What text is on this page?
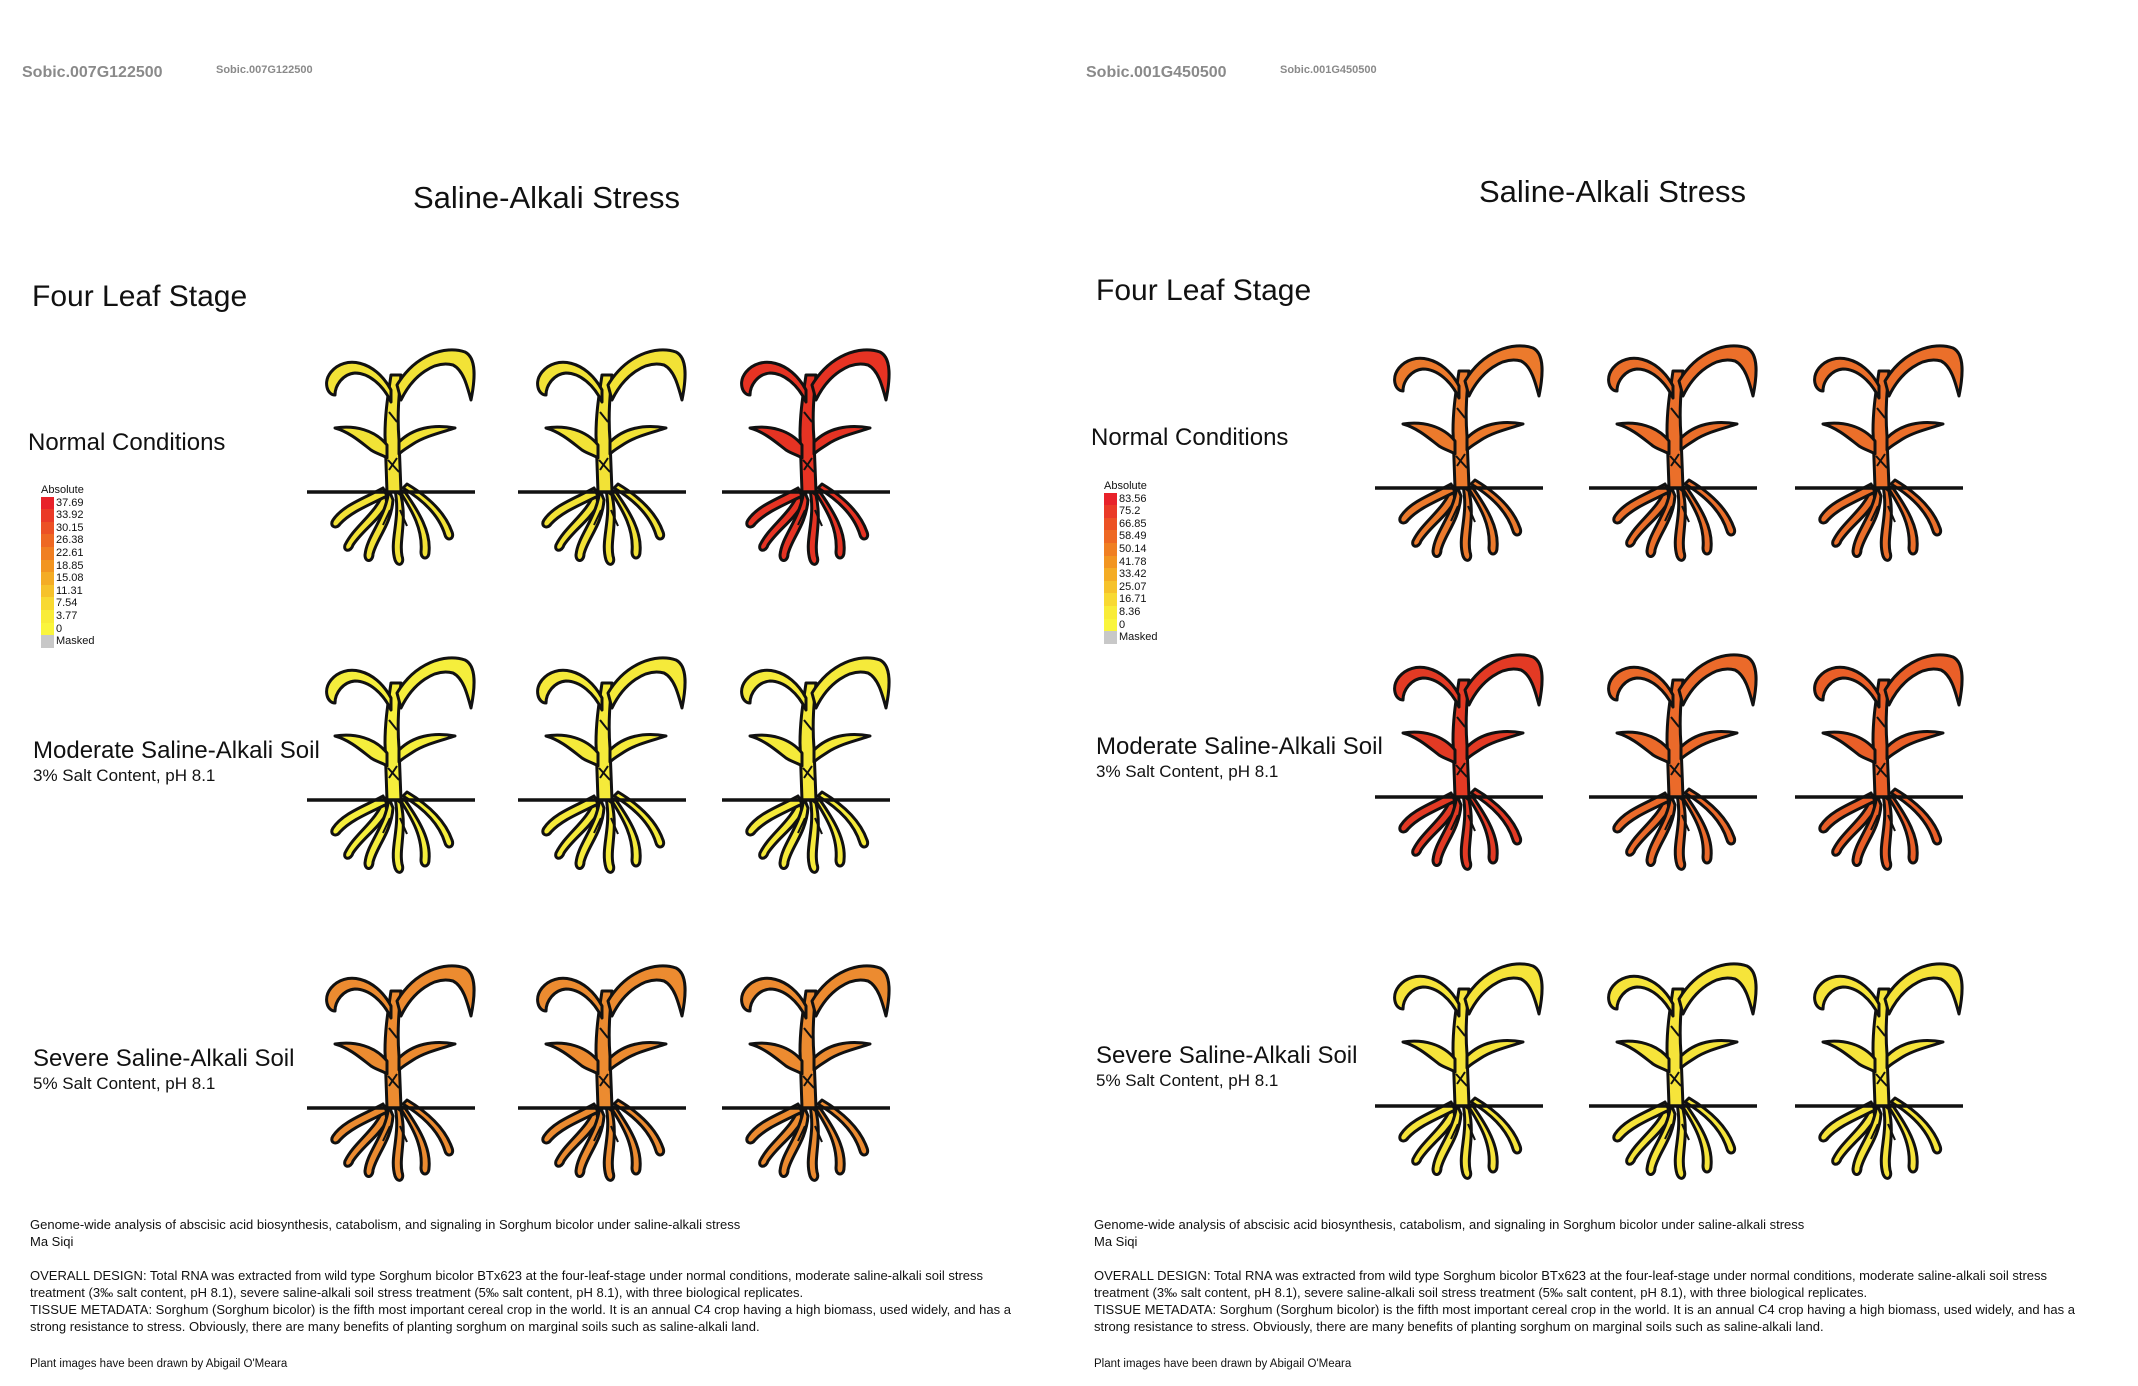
Sobic.007G122500	Sobic.007G122500
Saline-Alkali Stress
Four Leaf Stage
Normal Conditions
Moderate Saline-Alkali Soil
3% Salt Content, pH 8.1
Severe Saline-Alkali Soil
5% Salt Content, pH 8.1
Absolute
37.69
33.92
30.15
26.38
22.61
18.85
15.08
11.31
7.54
3.77
0
Masked

Genome-wide analysis of abscisic acid biosynthesis, catabolism, and signaling in Sorghum bicolor under saline-alkali stress

Ma Siqi

OVERALL DESIGN: Total RNA was extracted from wild type Sorghum bicolor BTx623 at the four-leaf-stage under normal conditions, moderate saline-alkali soil stress

treatment (3‰ salt content, pH 8.1), severe saline-alkali soil stress treatment (5‰ salt content, pH 8.1), with three biological replicates.

TISSUE METADATA: Sorghum (Sorghum bicolor) is the fifth most important cereal crop in the world. It is an annual C4 crop having a high biomass, used widely, and has a

strong resistance to stress. Obviously, there are many benefits of planting sorghum on marginal soils such as saline-alkali land.

Plant images have been drawn by Abigail O'Meara
Sobic.001G450500	Sobic.001G450500
Saline-Alkali Stress
Four Leaf Stage
Normal Conditions
Moderate Saline-Alkali Soil
3% Salt Content, pH 8.1
Severe Saline-Alkali Soil
5% Salt Content, pH 8.1
Absolute
83.56
75.2
66.85
58.49
50.14
41.78
33.42
25.07
16.71
8.36
0
Masked

Genome-wide analysis of abscisic acid biosynthesis, catabolism, and signaling in Sorghum bicolor under saline-alkali stress

Ma Siqi

OVERALL DESIGN: Total RNA was extracted from wild type Sorghum bicolor BTx623 at the four-leaf-stage under normal conditions, moderate saline-alkali soil stress

treatment (3‰ salt content, pH 8.1), severe saline-alkali soil stress treatment (5‰ salt content, pH 8.1), with three biological replicates.

TISSUE METADATA: Sorghum (Sorghum bicolor) is the fifth most important cereal crop in the world. It is an annual C4 crop having a high biomass, used widely, and has a

strong resistance to stress. Obviously, there are many benefits of planting sorghum on marginal soils such as saline-alkali land.

Plant images have been drawn by Abigail O'Meara
